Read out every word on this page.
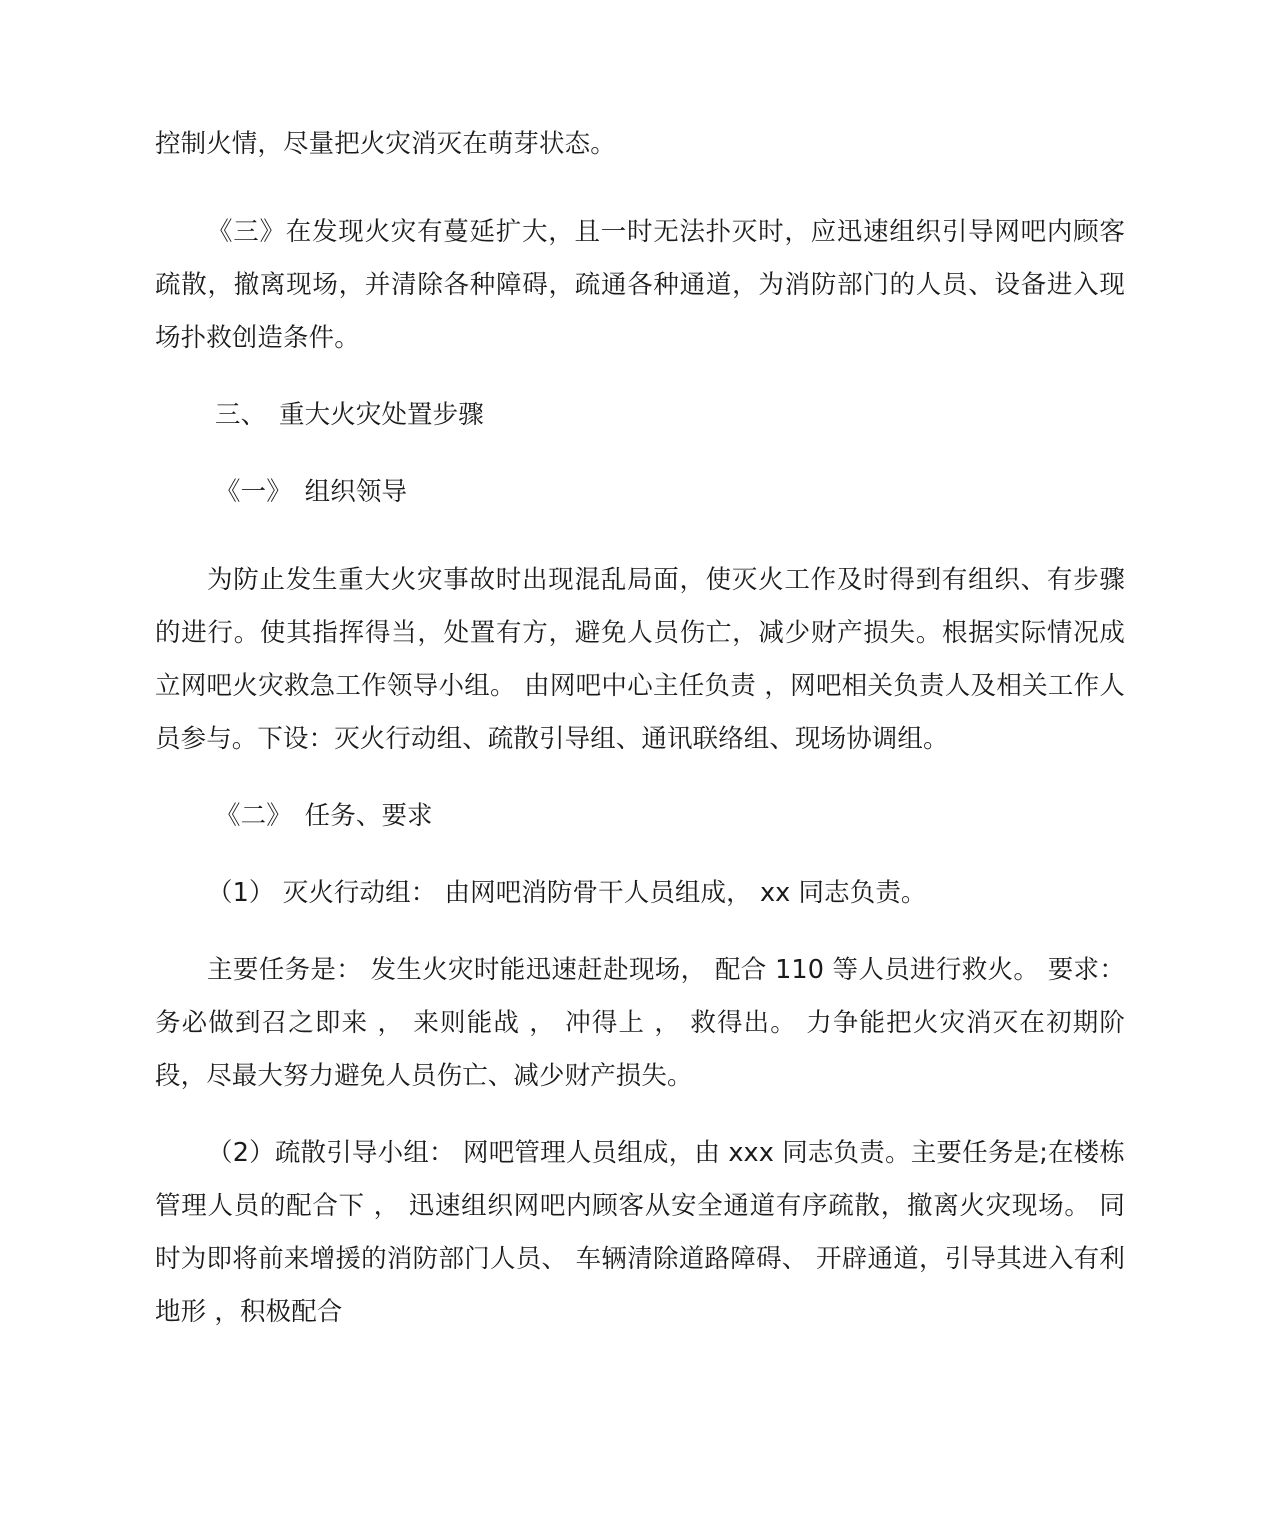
控制火情，尽量把火灾消灭在萌芽状态。

《三》在发现火灾有蔓延扩大，且一时无法扑灭时，应迅速组织引导网吧内顾客疏散，撤离现场，并清除各种障碍，疏通各种通道，为消防部门的人员、设备进入现场扑救创造条件。

三、　重大火灾处置步骤

《一》　组织领导

为防止发生重大火灾事故时出现混乱局面，使灭火工作及时得到有组织、有步骤的进行。使其指挥得当，处置有方，避免人员伤亡，减少财产损失。根据实际情况成立网吧火灾救急工作领导小组。 由网吧中心主任负责 ，网吧相关负责人及相关工作人员参与。下设：灭火行动组、疏散引导组、通讯联络组、现场协调组。

《二》　任务、要求

（1） 灭火行动组： 由网吧消防骨干人员组成， xx 同志负责。

主要任务是： 发生火灾时能迅速赶赴现场， 配合 110 等人员进行救火。 要求：务必做到召之即来 ， 来则能战 ， 冲得上 ， 救得出。 力争能把火灾消灭在初期阶段，尽最大努力避免人员伤亡、减少财产损失。

（2）疏散引导小组： 网吧管理人员组成，由 xxx 同志负责。主要任务是;在楼栋管理人员的配合下 ， 迅速组织网吧内顾客从安全通道有序疏散，撤离火灾现场。 同时为即将前来增援的消防部门人员、 车辆清除道路障碍、 开辟通道，引导其进入有利地形 ，积极配合
